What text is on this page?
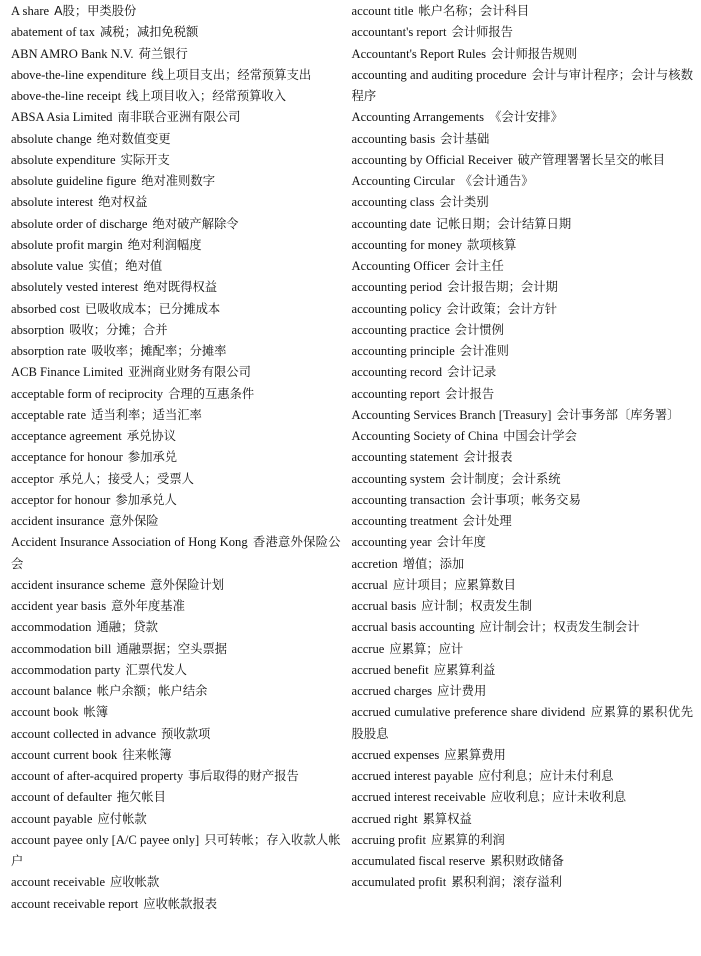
A share A股；甲类股份

abatement of tax 减税；减扣免税额

ABN AMRO Bank N.V. 荷兰银行

above-the-line expenditure 线上项目支出；经常预算支出

above-the-line receipt 线上项目收入；经常预算收入

ABSA Asia Limited 南非联合亚洲有限公司

absolute change 绝对数值变更

absolute expenditure 实际开支

absolute guideline figure 绝对准则数字

absolute interest 绝对权益

absolute order of discharge 绝对破产解除令

absolute profit margin 绝对利润幅度

absolute value 实值；绝对值

absolutely vested interest 绝对既得权益

absorbed cost 已吸收成本；已分摊成本

absorption 吸收；分摊；合并

absorption rate 吸收率；摊配率；分摊率

ACB Finance Limited 亚洲商业财务有限公司

acceptable form of reciprocity 合理的互惠条件

acceptable rate 适当利率；适当汇率

acceptance agreement 承兑协议

acceptance for honour 参加承兑

acceptor 承兑人；接受人；受票人

acceptor for honour 参加承兑人

accident insurance 意外保险

Accident Insurance Association of Hong Kong 香港意外保险公会

accident insurance scheme 意外保险计划

accident year basis 意外年度基准

accommodation 通融；贷款

accommodation bill 通融票据；空头票据

accommodation party 汇票代发人

account balance 帐户余额；帐户结余

account book 帐簿

account collected in advance 预收款项

account current book 往来帐簿

account of after-acquired property 事后取得的财产报告

account of defaulter 拖欠帐目

account payable 应付帐款

account payee only [A/C payee only] 只可转帐；存入收款人帐户

account receivable 应收帐款

account receivable report 应收帐款报表

account title 帐户名称；会计科目

accountant's report 会计师报告

Accountant's Report Rules 会计师报告规则

accounting and auditing procedure 会计与审计程序；会计与核数程序

Accounting Arrangements 《会计安排》

accounting basis 会计基础

accounting by Official Receiver 破产管理署署长呈交的帐目

Accounting Circular 《会计通告》

accounting class 会计类别

accounting date 记帐日期；会计结算日期

accounting for money 款项核算

Accounting Officer 会计主任

accounting period 会计报告期；会计期

accounting policy 会计政策；会计方针

accounting practice 会计惯例

accounting principle 会计准则

accounting record 会计记录

accounting report 会计报告

Accounting Services Branch [Treasury] 会计事务部〔库务署〕

Accounting Society of China 中国会计学会

accounting statement 会计报表

accounting system 会计制度；会计系统

accounting transaction 会计事项；帐务交易

accounting treatment 会计处理

accounting year 会计年度

accretion 增值；添加

accrual 应计项目；应累算数目

accrual basis 应计制；权责发生制

accrual basis accounting 应计制会计；权责发生制会计

accrue 应累算；应计

accrued benefit 应累算利益

accrued charges 应计费用

accrued cumulative preference share dividend 应累算的累积优先股股息

accrued expenses 应累算费用

accrued interest payable 应付利息；应计未付利息

accrued interest receivable 应收利息；应计未收利息

accrued right 累算权益

accruing profit 应累算的利润

accumulated fiscal reserve 累积财政储备

accumulated profit 累积利润；滚存溢利
